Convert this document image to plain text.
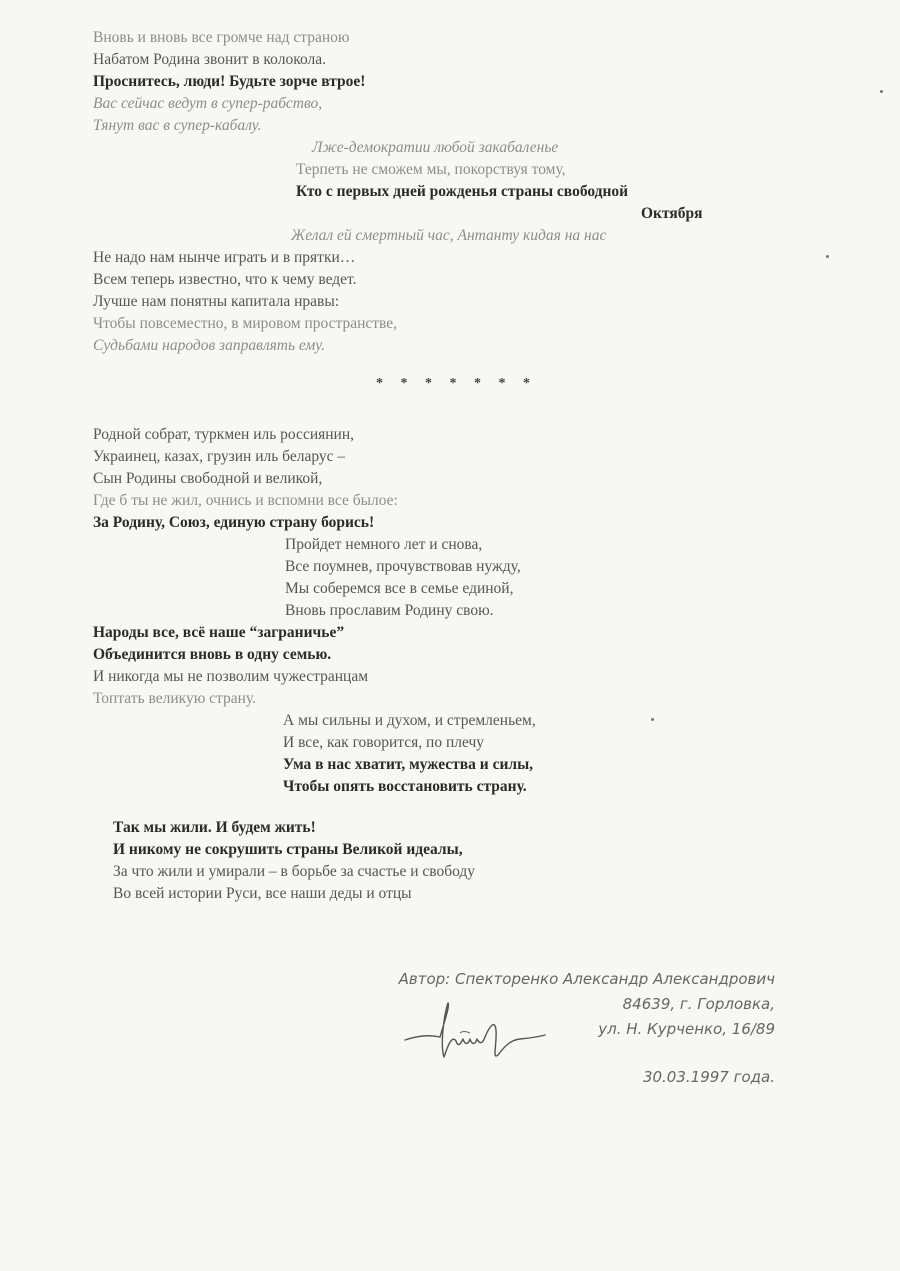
Вновь и вновь все громче над страною
Набатом Родина звонит в колокола.
Проснитесь, люди! Будьте зорче втрое!
Вас сейчас ведут в супер-рабство,
Тянут вас в супер-кабалу.
Лже-демократии любой закабаленье
Терпеть не сможем мы, покорствуя тому,
Кто с первых дней рожденья страны свободной
Октября
Желал ей смертный час, Антанту кидая на нас
Не надо нам нынче играть и в прятки…
Всем теперь известно, что к чему ведет.
Лучше нам понятны капитала нравы:
Чтобы повсеместно, в мировом пространстве,
Судьбами народов заправлять ему.
* * * * * * *
Родной собрат, туркмен иль россиянин,
Украинец, казах, грузин иль беларус –
Сын Родины свободной и великой,
Где б ты не жил, очнись и вспомни все былое:
За Родину, Союз, единую страну борись!
Пройдет немного лет и снова,
Все поумнев, прочувствовав нужду,
Мы соберемся все в семье единой,
Вновь прославим Родину свою.
Народы все, всё наше “заграничье”
Объединится вновь в одну семью.
И никогда мы не позволим чужестранцам
Топтать великую страну.
А мы сильны и духом, и стремленьем,
И все, как говорится, по плечу
Ума в нас хватит, мужества и силы,
Чтобы опять восстановить страну.
Так мы жили. И будем жить!
И никому не сокрушить страны Великой идеалы,
За что жили и умирали – в борьбе за счастье и свободу
Во всей истории Руси, все наши деды и отцы
Автор: Спекторенко Александр Александрович
84639, г. Горловка,
ул. Н. Курченко, 16/89
30.03.1997 года.
